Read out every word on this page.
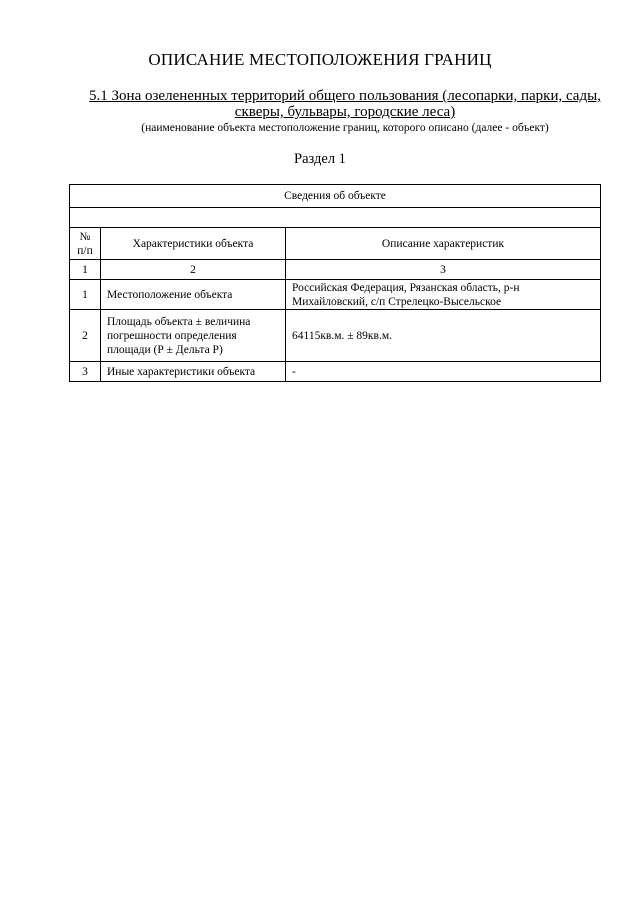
ОПИСАНИЕ МЕСТОПОЛОЖЕНИЯ ГРАНИЦ
5.1 Зона озелененных территорий общего пользования (лесопарки, парки, сады,
скверы, бульвары, городские леса)
(наименование объекта местоположение границ, которого описано (далее - объект)
Раздел 1
Сведения об объекте		

№ п/п	Характеристики объекта	Описание характеристик
1	2	3
1	Местоположение объекта	Российская Федерация, Рязанская область, р-н Михайловский, с/п Стрелецко-Высельское
2	Площадь объекта ± величина погрешности определения площади (Р ± Дельта Р)	64115кв.м. ± 89кв.м.
3	Иные характеристики объекта	-
